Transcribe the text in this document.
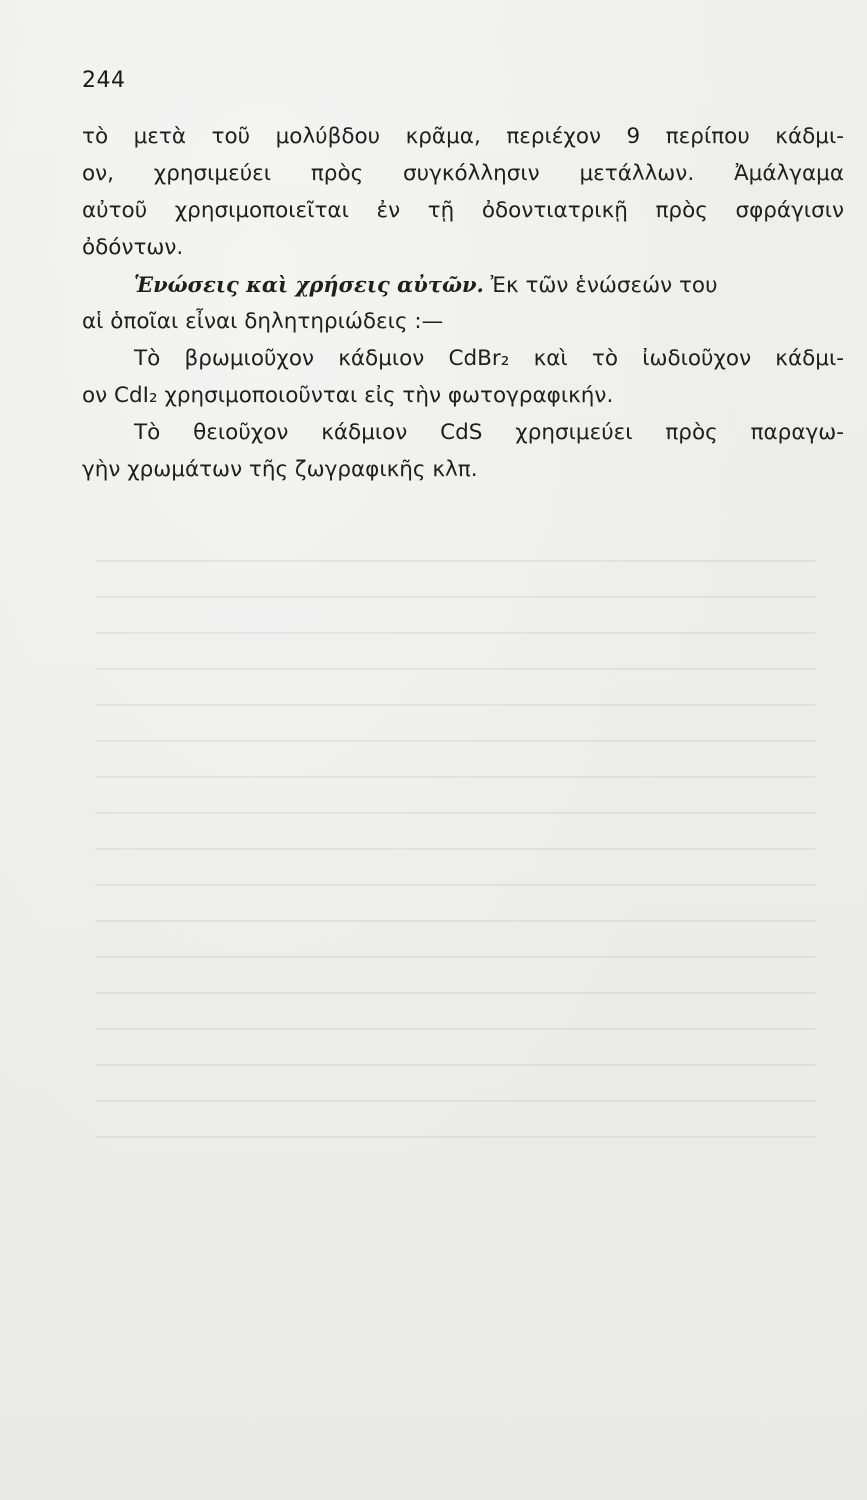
244
τὸ μετὰ τοῦ μολύβδου κρᾶμα, περιέχον 9 περίπου κάδμι-
ον, χρησιμεύει πρὸς συγκόλλησιν μετάλλων. Ἀμάλγαμα
αὐτοῦ χρησιμοποιεῖται ἐν τῇ ὀδοντιατρικῇ πρὸς σφράγισιν
ὀδόντων.
Ἑνώσεις καὶ χρήσεις αὐτῶν. Ἐκ τῶν ἑνώσεών του
αἱ ὁποῖαι εἶναι δηλητηριώδεις :—
Τὸ βρωμιοῦχον κάδμιον CdBr₂ καὶ τὸ ἰωδιοῦχον κάδμι-
ον CdI₂ χρησιμοποιοῦνται εἰς τὴν φωτογραφικήν.
Τὸ θειοῦχον κάδμιον CdS χρησιμεύει πρὸς παραγω-
γὴν χρωμάτων τῆς ζωγραφικῆς κλπ.
